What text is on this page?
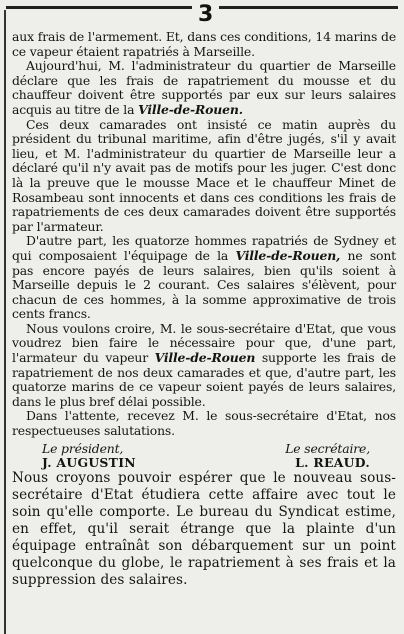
3

aux frais de l'armement. Et, dans ces conditions, 14 marins de ce vapeur étaient rapatriés à Marseille.

Aujourd'hui, M. l'administrateur du quartier de Marseille déclare que les frais de rapatriement du mousse et du chauffeur doivent être supportés par eux sur leurs salaires acquis au titre de la Ville-de-Rouen.

Ces deux camarades ont insisté ce matin auprès du président du tribunal maritime, afin d'être jugés, s'il y avait lieu, et M. l'administrateur du quartier de Marseille leur a déclaré qu'il n'y avait pas de motifs pour les juger. C'est donc là la preuve que le mousse Mace et le chauffeur Minet de Rosambeau sont innocents et dans ces conditions les frais de rapatriements de ces deux camarades doivent être supportés par l'armateur.

D'autre part, les quatorze hommes rapatriés de Sydney et qui composaient l'équipage de la Ville-de-Rouen, ne sont pas encore payés de leurs salaires, bien qu'ils soient à Marseille depuis le 2 courant. Ces salaires s'élèvent, pour chacun de ces hommes, à la somme approximative de trois cents francs.

Nous voulons croire, M. le sous-secrétaire d'Etat, que vous voudrez bien faire le nécessaire pour que, d'une part, l'armateur du vapeur Ville-de-Rouen supporte les frais de rapatriement de nos deux camarades et que, d'autre part, les quatorze marins de ce vapeur soient payés de leurs salaires, dans le plus bref délai possible.

Dans l'attente, recevez M. le sous-secrétaire d'Etat, nos respectueuses salutations.

Le président,	Le secrétaire,
J. AUGUSTIN	L. REAUD.

Nous croyons pouvoir espérer que le nouveau sous-secrétaire d'Etat étudiera cette affaire avec tout le soin qu'elle comporte. Le bureau du Syndicat estime, en effet, qu'il serait étrange que la plainte d'un équipage entraînât son débarquement sur un point quelconque du globe, le rapatriement à ses frais et la suppression des salaires.
